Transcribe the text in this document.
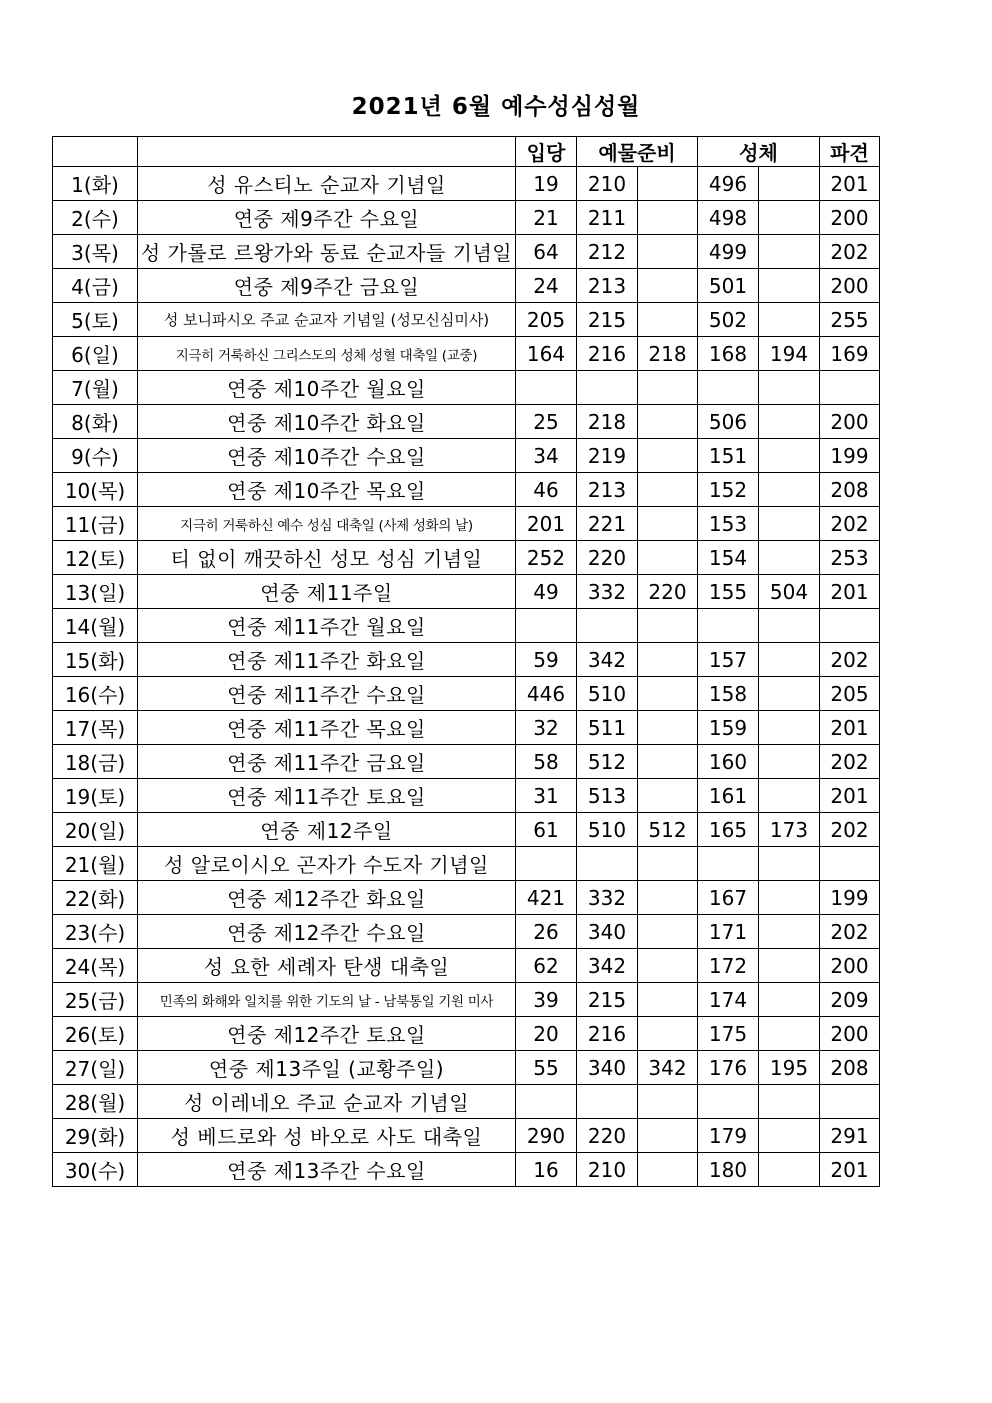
2021년 6월 예수성심성월
		입당	예물준비		성체		파견
1(화)	성 유스티노 순교자 기념일	19	210		496		201
2(수)	연중 제9주간 수요일	21	211		498		200
3(목)	성 가롤로 르왕가와 동료 순교자들 기념일	64	212		499		202
4(금)	연중 제9주간 금요일	24	213		501		200
5(토)	성 보니파시오 주교 순교자 기념일 (성모신심미사)	205	215		502		255
6(일)	지극히 거룩하신 그리스도의 성체 성혈 대축일 (교중)	164	216	218	168	194	169
7(월)	연중 제10주간 월요일						
8(화)	연중 제10주간 화요일	25	218		506		200
9(수)	연중 제10주간 수요일	34	219		151		199
10(목)	연중 제10주간 목요일	46	213		152		208
11(금)	지극히 거룩하신 예수 성심 대축일 (사제 성화의 날)	201	221		153		202
12(토)	티 없이 깨끗하신 성모 성심 기념일	252	220		154		253
13(일)	연중 제11주일	49	332	220	155	504	201
14(월)	연중 제11주간 월요일						
15(화)	연중 제11주간 화요일	59	342		157		202
16(수)	연중 제11주간 수요일	446	510		158		205
17(목)	연중 제11주간 목요일	32	511		159		201
18(금)	연중 제11주간 금요일	58	512		160		202
19(토)	연중 제11주간 토요일	31	513		161		201
20(일)	연중 제12주일	61	510	512	165	173	202
21(월)	성 알로이시오 곤자가 수도자 기념일						
22(화)	연중 제12주간 화요일	421	332		167		199
23(수)	연중 제12주간 수요일	26	340		171		202
24(목)	성 요한 세례자 탄생 대축일	62	342		172		200
25(금)	민족의 화해와 일치를 위한 기도의 날 - 남북통일 기원 미사	39	215		174		209
26(토)	연중 제12주간 토요일	20	216		175		200
27(일)	연중 제13주일 (교황주일)	55	340	342	176	195	208
28(월)	성 이레네오 주교 순교자 기념일						
29(화)	성 베드로와 성 바오로 사도 대축일	290	220		179		291
30(수)	연중 제13주간 수요일	16	210		180		201
